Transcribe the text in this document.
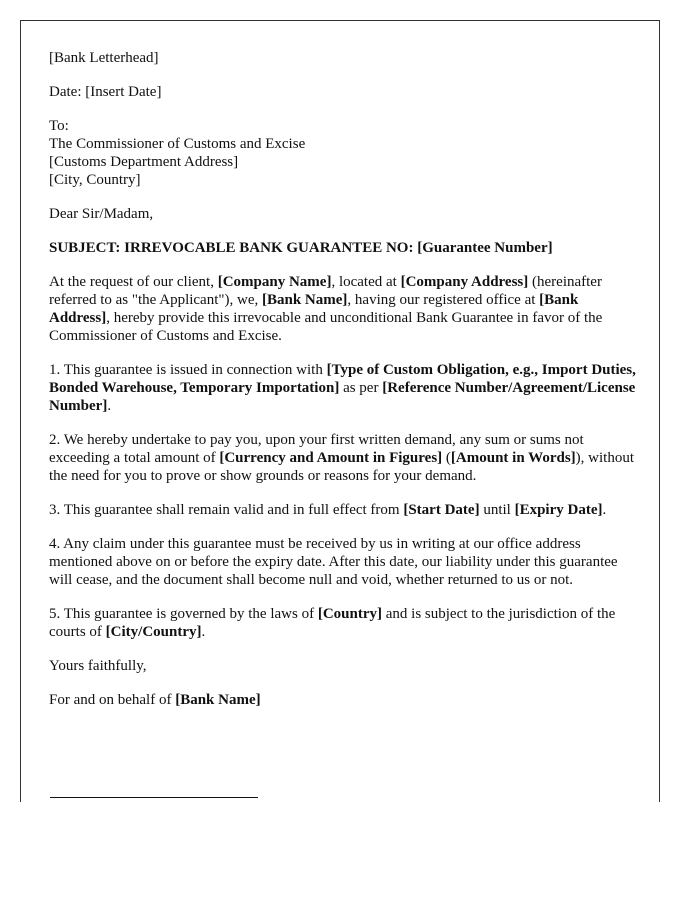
[Bank Letterhead]

Date: [Insert Date]

To:
The Commissioner of Customs and Excise
[Customs Department Address]
[City, Country]

Dear Sir/Madam,

SUBJECT: IRREVOCABLE BANK GUARANTEE NO: [Guarantee Number]

At the request of our client, [Company Name], located at [Company Address] (hereinafter referred to as "the Applicant"), we, [Bank Name], having our registered office at [Bank Address], hereby provide this irrevocable and unconditional Bank Guarantee in favor of the Commissioner of Customs and Excise.

1. This guarantee is issued in connection with [Type of Custom Obligation, e.g., Import Duties, Bonded Warehouse, Temporary Importation] as per [Reference Number/Agreement/License Number].

2. We hereby undertake to pay you, upon your first written demand, any sum or sums not exceeding a total amount of [Currency and Amount in Figures] ([Amount in Words]), without the need for you to prove or show grounds or reasons for your demand.

3. This guarantee shall remain valid and in full effect from [Start Date] until [Expiry Date].

4. Any claim under this guarantee must be received by us in writing at our office address mentioned above on or before the expiry date. After this date, our liability under this guarantee will cease, and the document shall become null and void, whether returned to us or not.

5. This guarantee is governed by the laws of [Country] and is subject to the jurisdiction of the courts of [City/Country].

Yours faithfully,

For and on behalf of [Bank Name]
